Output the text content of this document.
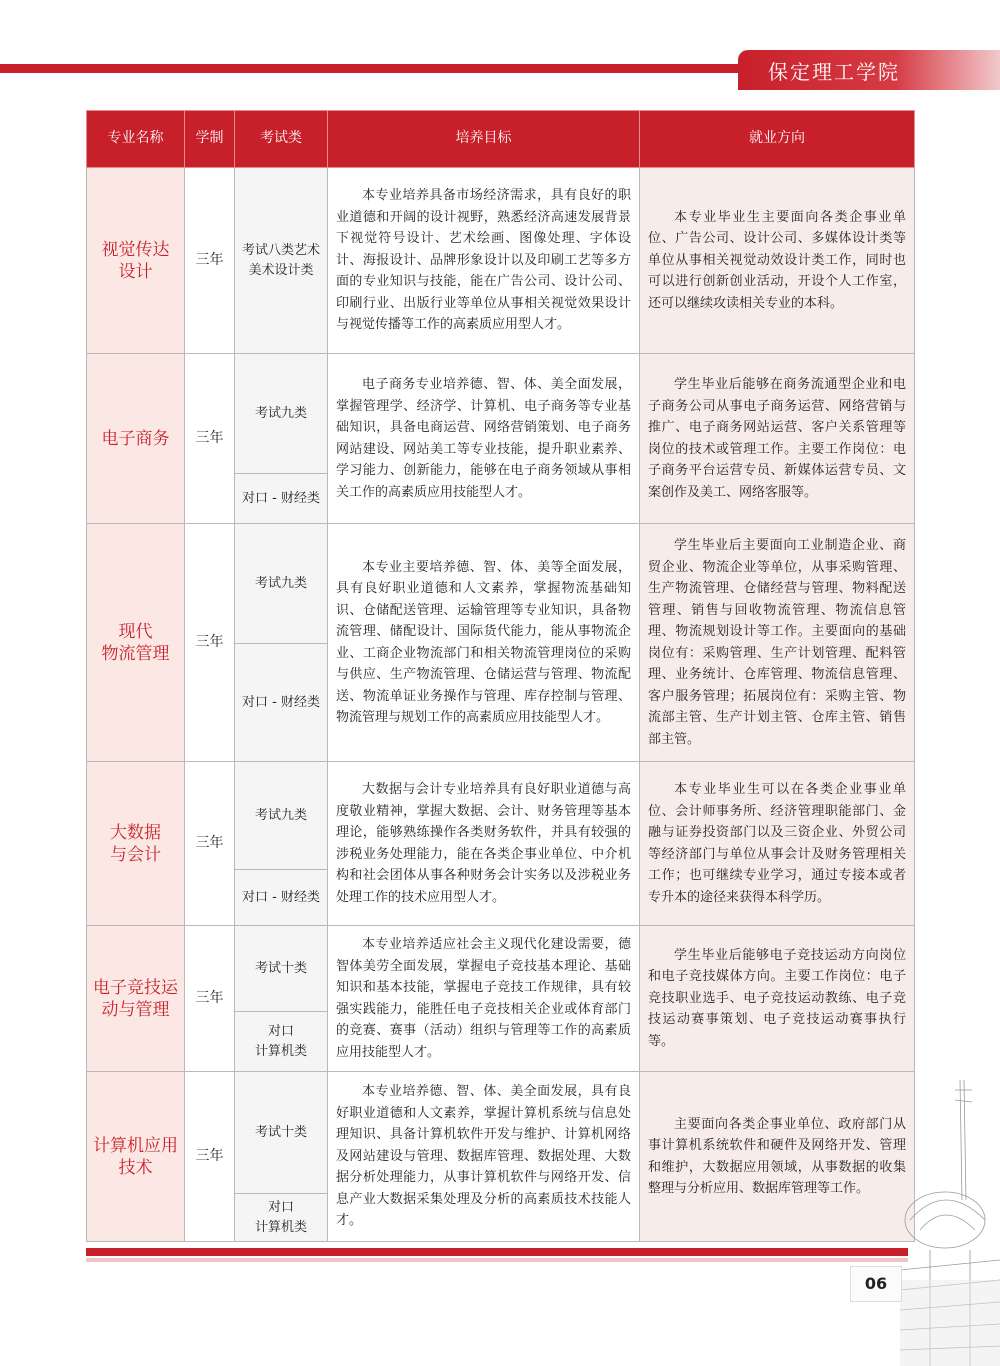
保定理工学院
专业名称	学制	考试类	培养目标	就业方向
视觉传达
设计	三年	考试八类艺术美术设计类	本专业培养具备市场经济需求，具有良好的职业道德和开阔的设计视野，熟悉经济高速发展背景下视觉符号设计、艺术绘画、图像处理、字体设计、海报设计、品牌形象设计以及印刷工艺等多方面的专业知识与技能，能在广告公司、设计公司、印刷行业、出版行业等单位从事相关视觉效果设计与视觉传播等工作的高素质应用型人才。	本专业毕业生主要面向各类企事业单位、广告公司、设计公司、多媒体设计类等单位从事相关视觉动效设计类工作，同时也可以进行创新创业活动，开设个人工作室，还可以继续攻读相关专业的本科。

电子商务	三年	考试九类	电子商务专业培养德、智、体、美全面发展，掌握管理学、经济学、计算机、电子商务等专业基础知识，具备电商运营、网络营销策划、电子商务网站建设、网站美工等专业技能，提升职业素养、学习能力、创新能力，能够在电子商务领域从事相关工作的高素质应用技能型人才。	学生毕业后能够在商务流通型企业和电子商务公司从事电子商务运营、网络营销与推广、电子商务网站运营、客户关系管理等岗位的技术或管理工作。主要工作岗位：电子商务平台运营专员、新媒体运营专员、文案创作及美工、网络客服等。

		对口 - 财经类		
现代
物流管理	三年	考试九类	本专业主要培养德、智、体、美等全面发展，具有良好职业道德和人文素养，掌握物流基础知识、仓储配送管理、运输管理等专业知识，具备物流管理、储配设计、国际货代能力，能从事物流企业、工商企业物流部门和相关物流管理岗位的采购与供应、生产物流管理、仓储运营与管理、物流配送、物流单证业务操作与管理、库存控制与管理、物流管理与规划工作的高素质应用技能型人才。	学生毕业后主要面向工业制造企业、商贸企业、物流企业等单位，从事采购管理、生产物流管理、仓储经营与管理、物料配送管理、销售与回收物流管理、物流信息管理、物流规划设计等工作。主要面向的基础岗位有：采购管理、生产计划管理、配料管理、业务统计、仓库管理、物流信息管理、客户服务管理；拓展岗位有：采购主管、物流部主管、生产计划主管、仓库主管、销售部主管。

		对口 - 财经类		
大数据
与会计	三年	考试九类	大数据与会计专业培养具有良好职业道德与高度敬业精神，掌握大数据、会计、财务管理等基本理论，能够熟练操作各类财务软件，并具有较强的涉税业务处理能力，能在各类企事业单位、中介机构和社会团体从事各种财务会计实务以及涉税业务处理工作的技术应用型人才。	本专业毕业生可以在各类企业事业单位、会计师事务所、经济管理职能部门、金融与证券投资部门以及三资企业、外贸公司等经济部门与单位从事会计及财务管理相关工作；也可继续专业学习，通过专接本或者专升本的途径来获得本科学历。

		对口 - 财经类		
电子竞技运
动与管理	三年	考试十类	本专业培养适应社会主义现代化建设需要，德智体美劳全面发展，掌握电子竞技基本理论、基础知识和基本技能，掌握电子竞技工作规律，具有较强实践能力，能胜任电子竞技相关企业或体育部门的竞赛、赛事（活动）组织与管理等工作的高素质应用技能型人才。	学生毕业后能够电子竞技运动方向岗位和电子竞技媒体方向。主要工作岗位：电子竞技职业选手、电子竞技运动教练、电子竞技运动赛事策划、电子竞技运动赛事执行等。

		对口
计算机类		
计算机应用
技术	三年	考试十类	本专业培养德、智、体、美全面发展，具有良好职业道德和人文素养，掌握计算机系统与信息处理知识、具备计算机软件开发与维护、计算机网络及网站建设与管理、数据库管理、数据处理、大数据分析处理能力，从事计算机软件与网络开发、信息产业大数据采集处理及分析的高素质技术技能人才。	主要面向各类企事业单位、政府部门从事计算机系统软件和硬件及网络开发、管理和维护，大数据应用领域，从事数据的收集整理与分析应用、数据库管理等工作。

		对口
计算机类		
06
